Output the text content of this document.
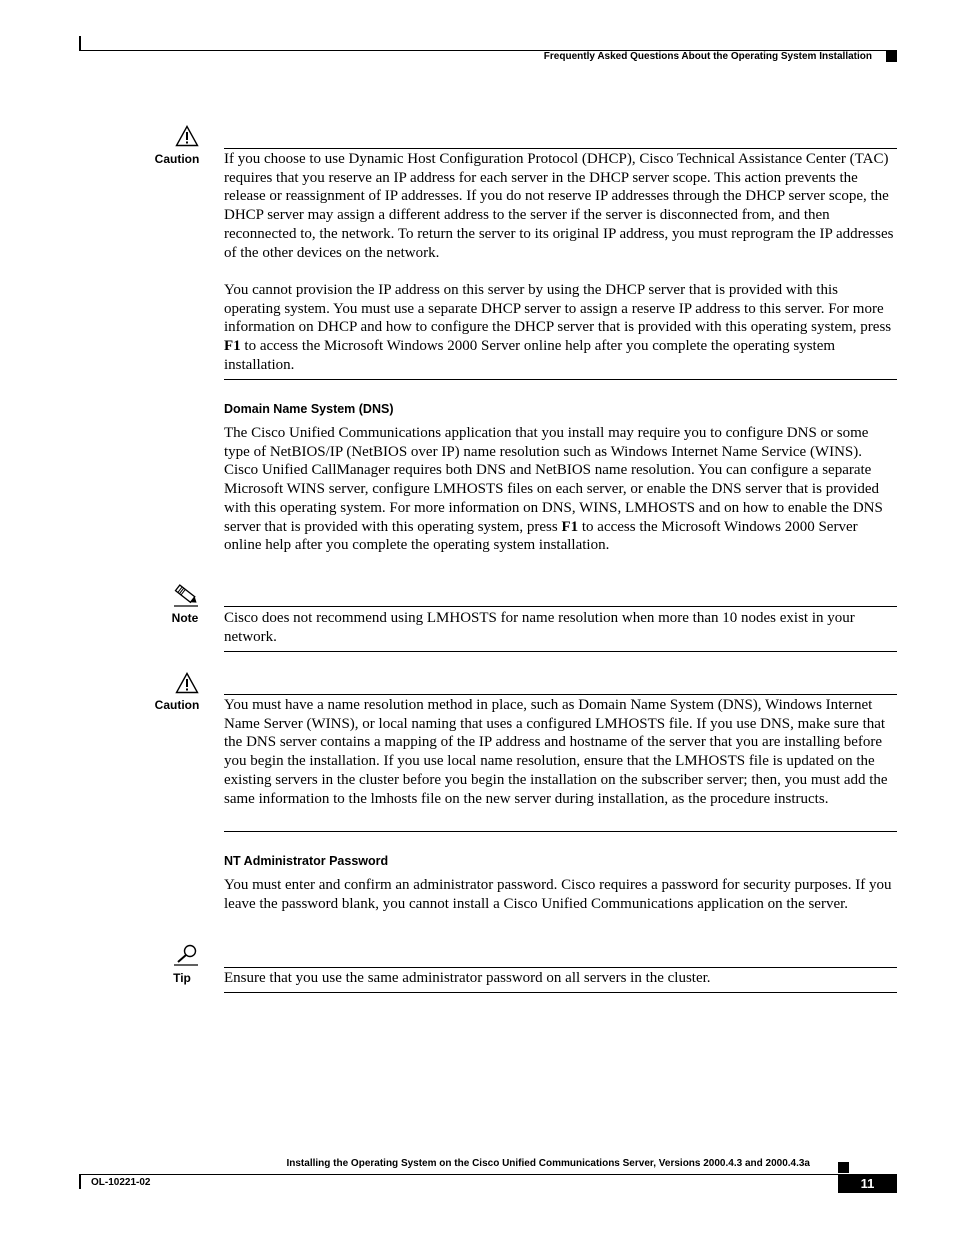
Frequently Asked Questions About the Operating System Installation
Caution	If you choose to use Dynamic Host Configuration Protocol (DHCP), Cisco Technical Assistance Center (TAC) requires that you reserve an IP address for each server in the DHCP server scope. This action prevents the release or reassignment of IP addresses. If you do not reserve IP addresses through the DHCP server scope, the DHCP server may assign a different address to the server if the server is disconnected from, and then reconnected to, the network. To return the server to its original IP address, you must reprogram the IP addresses of the other devices on the network.

You cannot provision the IP address on this server by using the DHCP server that is provided with this operating system. You must use a separate DHCP server to assign a reserve IP address to this server. For more information on DHCP and how to configure the DHCP server that is provided with this operating system, press F1 to access the Microsoft Windows 2000 Server online help after you complete the operating system installation.

Domain Name System (DNS)

The Cisco Unified Communications application that you install may require you to configure DNS or some type of NetBIOS/IP (NetBIOS over IP) name resolution such as Windows Internet Name Service (WINS). Cisco Unified CallManager requires both DNS and NetBIOS name resolution. You can configure a separate Microsoft WINS server, configure LMHOSTS files on each server, or enable the DNS server that is provided with this operating system. For more information on DNS, WINS, LMHOSTS and on how to enable the DNS server that is provided with this operating system, press F1 to access the Microsoft Windows 2000 Server online help after you complete the operating system installation.

Note	Cisco does not recommend using LMHOSTS for name resolution when more than 10 nodes exist in your network.
Caution	You must have a name resolution method in place, such as Domain Name System (DNS), Windows Internet Name Server (WINS), or local naming that uses a configured LMHOSTS file. If you use DNS, make sure that the DNS server contains a mapping of the IP address and hostname of the server that you are installing before you begin the installation. If you use local name resolution, ensure that the LMHOSTS file is updated on the existing servers in the cluster before you begin the installation on the subscriber server; then, you must add the same information to the lmhosts file on the new server during installation, as the procedure instructs.
NT Administrator Password
You must enter and confirm an administrator password. Cisco requires a password for security purposes. If you leave the password blank, you cannot install a Cisco Unified Communications application on the server.
Tip	Ensure that you use the same administrator password on all servers in the cluster.
Installing the Operating System on the Cisco Unified Communications Server, Versions 2000.4.3 and 2000.4.3a
OL-10221-02	11
